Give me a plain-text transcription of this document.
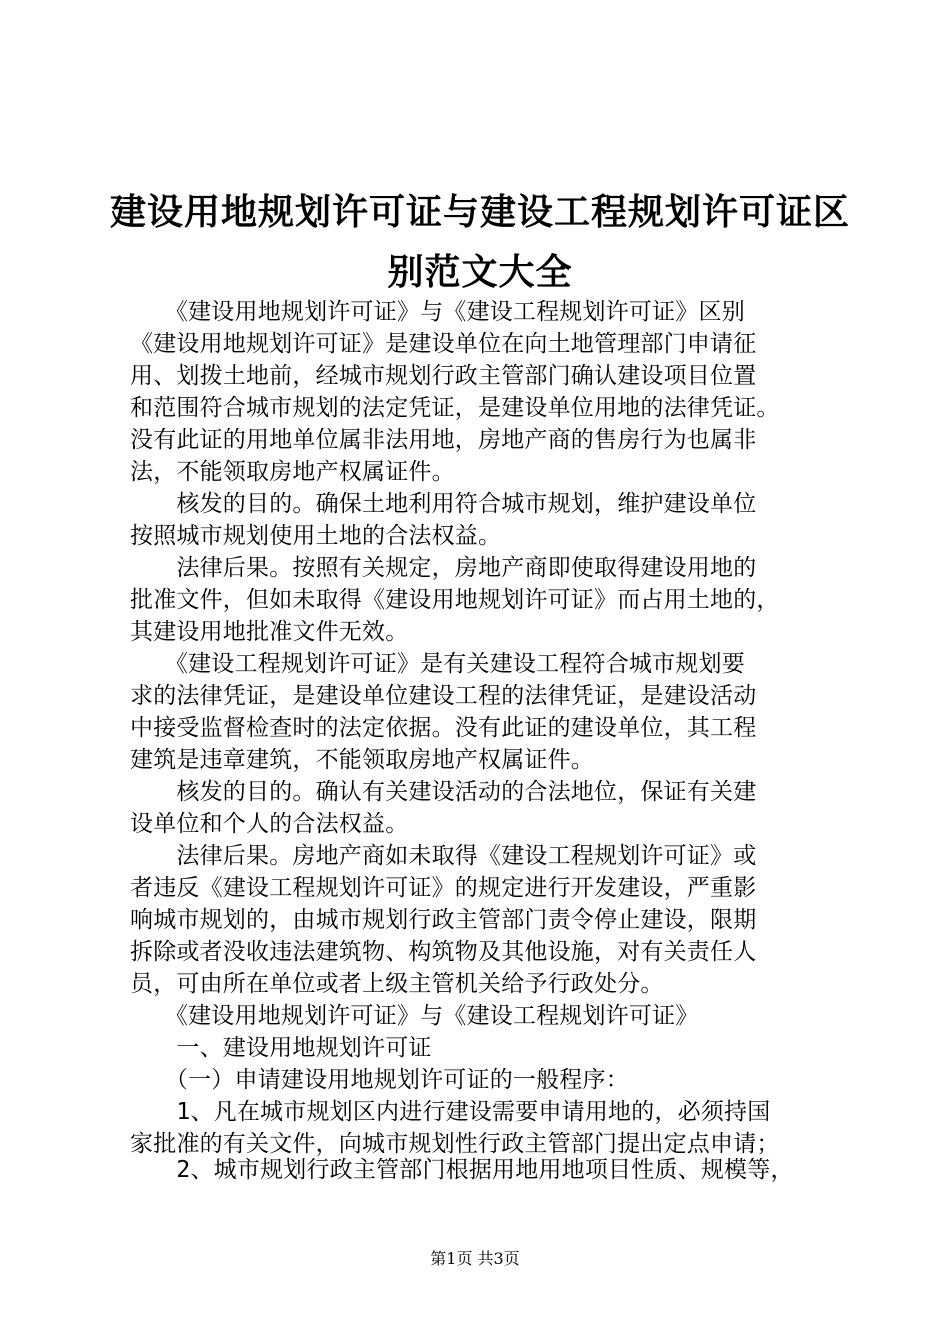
建设用地规划许可证与建设工程规划许可证区
别范文大全
　　《建设用地规划许可证》与《建设工程规划许可证》区别
《建设用地规划许可证》是建设单位在向土地管理部门申请征
用、划拨土地前，经城市规划行政主管部门确认建设项目位置
和范围符合城市规划的法定凭证，是建设单位用地的法律凭证。
没有此证的用地单位属非法用地，房地产商的售房行为也属非
法，不能领取房地产权属证件。
　　核发的目的。确保土地利用符合城市规划，维护建设单位
按照城市规划使用土地的合法权益。
　　法律后果。按照有关规定，房地产商即使取得建设用地的
批准文件，但如未取得《建设用地规划许可证》而占用土地的，
其建设用地批准文件无效。
　　《建设工程规划许可证》是有关建设工程符合城市规划要
求的法律凭证，是建设单位建设工程的法律凭证，是建设活动
中接受监督检查时的法定依据。没有此证的建设单位，其工程
建筑是违章建筑，不能领取房地产权属证件。
　　核发的目的。确认有关建设活动的合法地位，保证有关建
设单位和个人的合法权益。
　　法律后果。房地产商如未取得《建设工程规划许可证》或
者违反《建设工程规划许可证》的规定进行开发建设，严重影
响城市规划的，由城市规划行政主管部门责令停止建设，限期
拆除或者没收违法建筑物、构筑物及其他设施，对有关责任人
员，可由所在单位或者上级主管机关给予行政处分。
　　《建设用地规划许可证》与《建设工程规划许可证》
　　一、建设用地规划许可证
　　（一）申请建设用地规划许可证的一般程序：
　　1、凡在城市规划区内进行建设需要申请用地的，必须持国
家批准的有关文件，向城市规划性行政主管部门提出定点申请；
　　2、城市规划行政主管部门根据用地用地项目性质、规模等，
第1页 共3页
